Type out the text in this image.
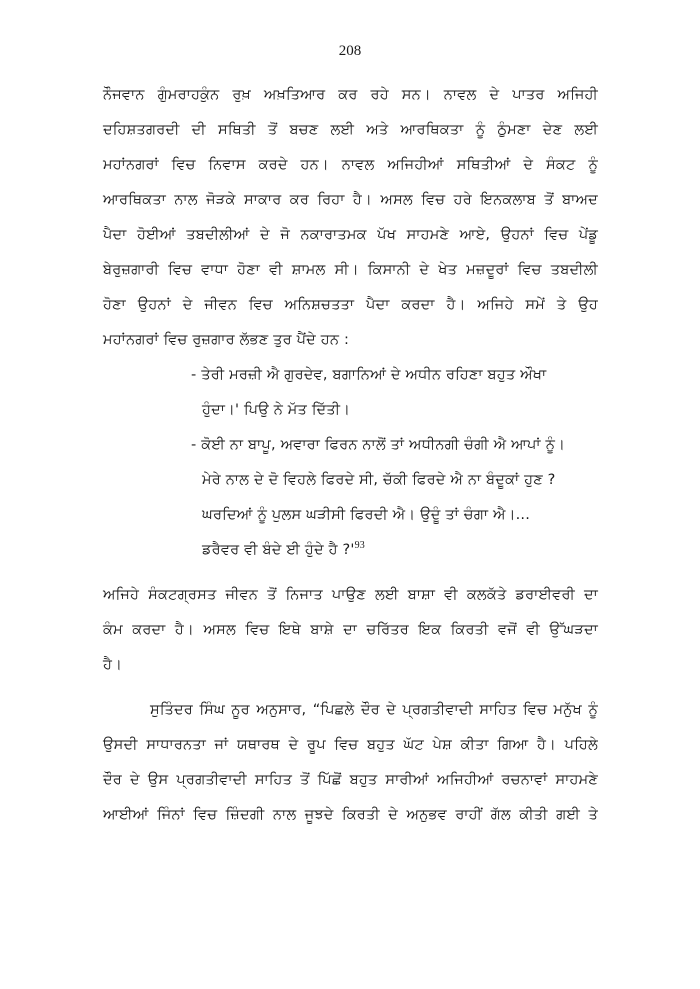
208
ਨੌਜਵਾਨ ਗੁੰਮਰਾਹਕੁੰਨ ਰੁਖ਼ ਅਖ਼ਤਿਆਰ ਕਰ ਰਹੇ ਸਨ। ਨਾਵਲ ਦੇ ਪਾਤਰ ਅਜਿਹੀ
ਦਹਿਸ਼ਤਗਰਦੀ ਦੀ ਸਥਿਤੀ ਤੋਂ ਬਚਣ ਲਈ ਅਤੇ ਆਰਥਿਕਤਾ ਨੂੰ ਠੁੰਮਣਾ ਦੇਣ ਲਈ
ਮਹਾਂਨਗਰਾਂ ਵਿਚ ਨਿਵਾਸ ਕਰਦੇ ਹਨ। ਨਾਵਲ ਅਜਿਹੀਆਂ ਸਥਿਤੀਆਂ ਦੇ ਸੰਕਟ ਨੂੰ
ਆਰਥਿਕਤਾ ਨਾਲ ਜੋੜਕੇ ਸਾਕਾਰ ਕਰ ਰਿਹਾ ਹੈ। ਅਸਲ ਵਿਚ ਹਰੇ ਇਨਕਲਾਬ ਤੋਂ ਬਾਅਦ
ਪੈਦਾ ਹੋਈਆਂ ਤਬਦੀਲੀਆਂ ਦੇ ਜੋ ਨਕਾਰਾਤਮਕ ਪੱਖ ਸਾਹਮਣੇ ਆਏ, ਉਹਨਾਂ ਵਿਚ ਪੇਂਡੂ
ਬੇਰੁਜ਼ਗਾਰੀ ਵਿਚ ਵਾਧਾ ਹੋਣਾ ਵੀ ਸ਼ਾਮਲ ਸੀ। ਕਿਸਾਨੀ ਦੇ ਖੇਤ ਮਜ਼ਦੂਰਾਂ ਵਿਚ ਤਬਦੀਲੀ
ਹੋਣਾ ਉਹਨਾਂ ਦੇ ਜੀਵਨ ਵਿਚ ਅਨਿਸ਼ਚਤਤਾ ਪੈਦਾ ਕਰਦਾ ਹੈ। ਅਜਿਹੇ ਸਮੇਂ ਤੇ ਉਹ
ਮਹਾਂਨਗਰਾਂ ਵਿਚ ਰੁਜ਼ਗਾਰ ਲੱਭਣ ਤੁਰ ਪੈਂਦੇ ਹਨ :
- ਤੇਰੀ ਮਰਜ਼ੀ ਐ ਗੁਰਦੇਵ, ਬਗਾਨਿਆਂ ਦੇ ਅਧੀਨ ਰਹਿਣਾ ਬਹੁਤ ਔਖਾ
ਹੁੰਦਾ।' ਪਿਉ ਨੇ ਮੱਤ ਦਿੱਤੀ।
- ਕੋਈ ਨਾ ਬਾਪੂ, ਅਵਾਰਾ ਫਿਰਨ ਨਾਲੋਂ ਤਾਂ ਅਧੀਨਗੀ ਚੰਗੀ ਐ ਆਪਾਂ ਨੂੰ।
ਮੇਰੇ ਨਾਲ ਦੇ ਦੋ ਵਿਹਲੇ ਫਿਰਦੇ ਸੀ, ਚੱਕੀ ਫਿਰਦੇ ਐ ਨਾ ਬੰਦੂਕਾਂ ਹੁਣ ?
ਘਰਦਿਆਂ ਨੂੰ ਪੁਲਸ ਘੜੀਸੀ ਫਿਰਦੀ ਐ। ਉਦੂੰ ਤਾਂ ਚੰਗਾ ਐ।...
ਡਰੈਵਰ ਵੀ ਬੰਦੇ ਈ ਹੁੰਦੇ ਹੈ $?'^{93}$
ਅਜਿਹੇ ਸੰਕਟਗ੍ਰਸਤ ਜੀਵਨ ਤੋਂ ਨਿਜਾਤ ਪਾਉਣ ਲਈ ਬਾਸ਼ਾ ਵੀ ਕਲਕੱਤੇ ਡਰਾਈਵਰੀ ਦਾ
ਕੰਮ ਕਰਦਾ ਹੈ। ਅਸਲ ਵਿਚ ਇਥੇ ਬਾਸ਼ੇ ਦਾ ਚਰਿੱਤਰ ਇਕ ਕਿਰਤੀ ਵਜੋਂ ਵੀ ਉੱਘੜਦਾ
ਹੈ।
ਸੁਤਿੰਦਰ ਸਿੰਘ ਨੂਰ ਅਨੁਸਾਰ, “ਪਿਛਲੇ ਦੌਰ ਦੇ ਪ੍ਰਗਤੀਵਾਦੀ ਸਾਹਿਤ ਵਿਚ ਮਨੁੱਖ ਨੂੰ
ਉਸਦੀ ਸਾਧਾਰਨਤਾ ਜਾਂ ਯਥਾਰਥ ਦੇ ਰੂਪ ਵਿਚ ਬਹੁਤ ਘੱਟ ਪੇਸ਼ ਕੀਤਾ ਗਿਆ ਹੈ। ਪਹਿਲੇ
ਦੌਰ ਦੇ ਉਸ ਪ੍ਰਗਤੀਵਾਦੀ ਸਾਹਿਤ ਤੋਂ ਪਿੱਛੋਂ ਬਹੁਤ ਸਾਰੀਆਂ ਅਜਿਹੀਆਂ ਰਚਨਾਵਾਂ ਸਾਹਮਣੇ
ਆਈਆਂ ਜਿੰਨਾਂ ਵਿਚ ਜ਼ਿੰਦਗੀ ਨਾਲ ਜੂਝਦੇ ਕਿਰਤੀ ਦੇ ਅਨੁਭਵ ਰਾਹੀਂ ਗੱਲ ਕੀਤੀ ਗਈ ਤੇ
